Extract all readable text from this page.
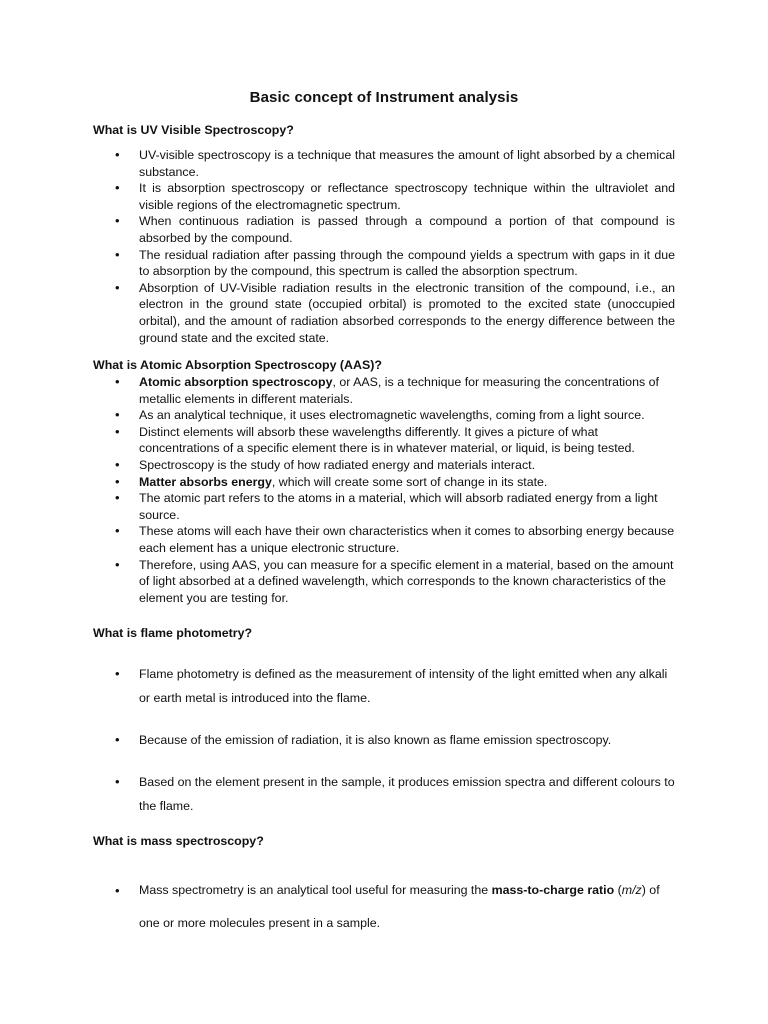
Basic concept of Instrument analysis
What is UV Visible Spectroscopy?
• UV-visible spectroscopy is a technique that measures the amount of light absorbed by a chemical substance.
• It is absorption spectroscopy or reflectance spectroscopy technique within the ultraviolet and visible regions of the electromagnetic spectrum.
• When continuous radiation is passed through a compound a portion of that compound is absorbed by the compound.
• The residual radiation after passing through the compound yields a spectrum with gaps in it due to absorption by the compound, this spectrum is called the absorption spectrum.
• Absorption of UV-Visible radiation results in the electronic transition of the compound, i.e., an electron in the ground state (occupied orbital) is promoted to the excited state (unoccupied orbital), and the amount of radiation absorbed corresponds to the energy difference between the ground state and the excited state.
What is Atomic Absorption Spectroscopy (AAS)?
• Atomic absorption spectroscopy, or AAS, is a technique for measuring the concentrations of metallic elements in different materials.
• As an analytical technique, it uses electromagnetic wavelengths, coming from a light source.
• Distinct elements will absorb these wavelengths differently. It gives a picture of what concentrations of a specific element there is in whatever material, or liquid, is being tested.
• Spectroscopy is the study of how radiated energy and materials interact.
• Matter absorbs energy, which will create some sort of change in its state.
• The atomic part refers to the atoms in a material, which will absorb radiated energy from a light source.
• These atoms will each have their own characteristics when it comes to absorbing energy because each element has a unique electronic structure.
• Therefore, using AAS, you can measure for a specific element in a material, based on the amount of light absorbed at a defined wavelength, which corresponds to the known characteristics of the element you are testing for.
What is flame photometry?
• Flame photometry is defined as the measurement of intensity of the light emitted when any alkali or earth metal is introduced into the flame.
• Because of the emission of radiation, it is also known as flame emission spectroscopy.
• Based on the element present in the sample, it produces emission spectra and different colours to the flame.
What is mass spectroscopy?
• Mass spectrometry is an analytical tool useful for measuring the mass-to-charge ratio (m/z) of one or more molecules present in a sample.
